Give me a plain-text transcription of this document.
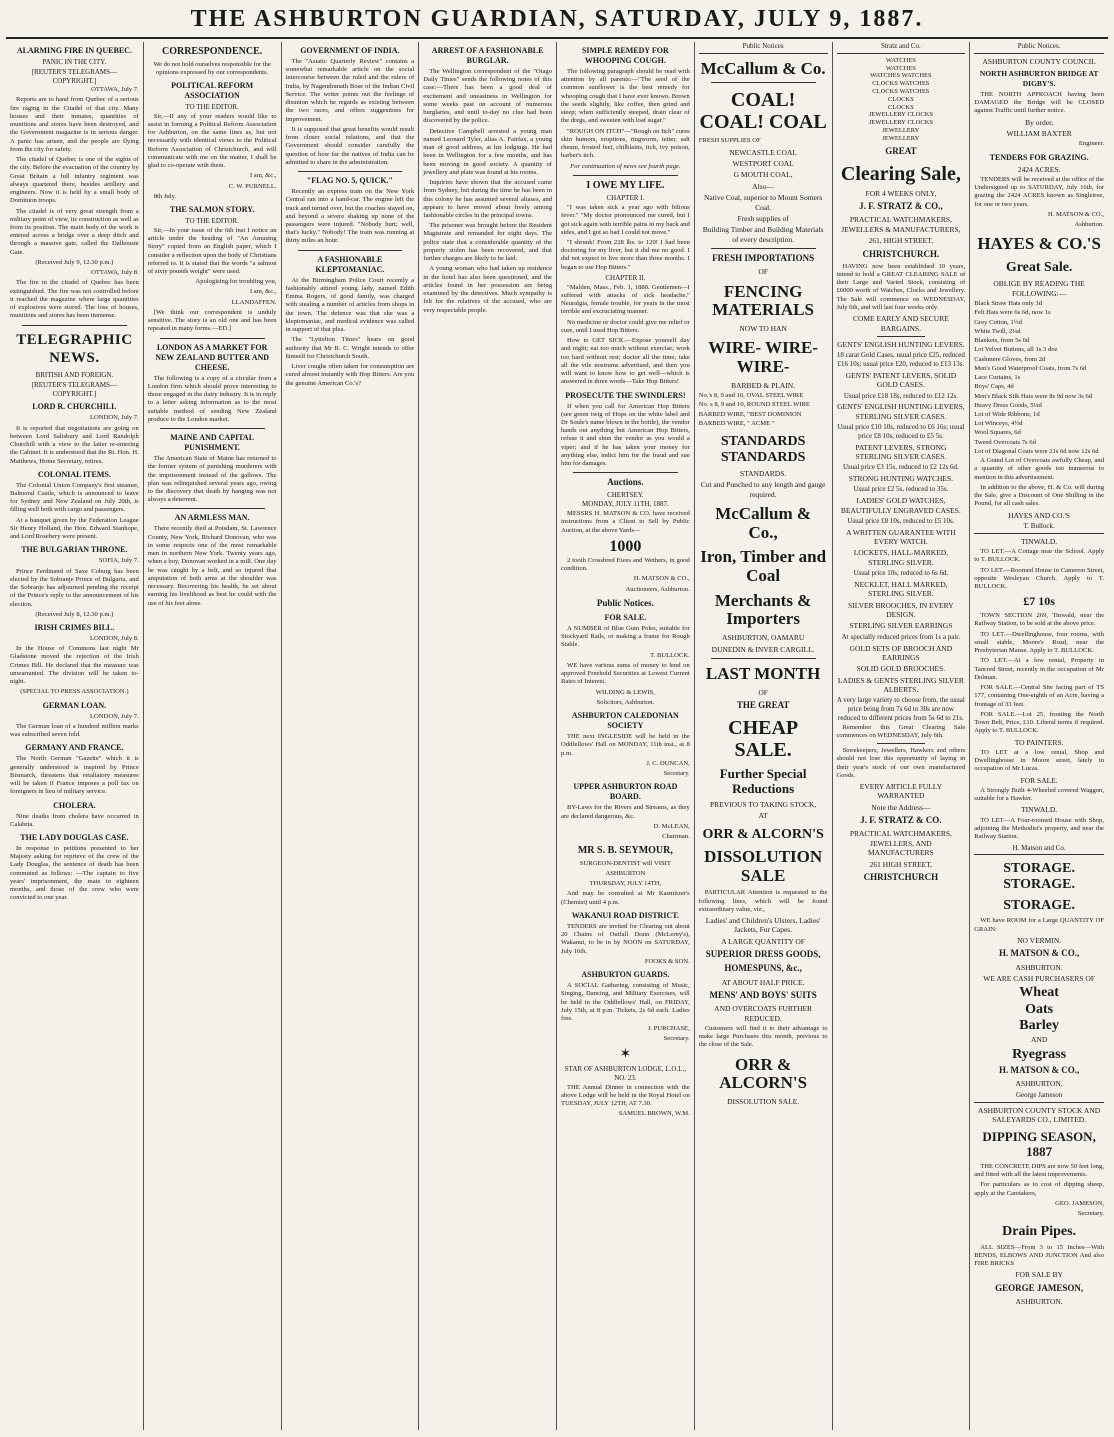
THE ASHBURTON GUARDIAN, SATURDAY, JULY 9, 1887.
ALARMING FIRE IN QUEBEC.
PANIC IN THE CITY.
[REUTER'S TELEGRAMS—COPYRIGHT.]

OTTAWA, July 7.

Reports are to hand from Quebec of a serious fire raging in the Citadel of that city. Many houses and their inmates, quantities of munitions and stores have been destroyed, and the Government magazine is in serious danger. A panic has arisen, and the people are flying from the city for safety.

The citadel of Quebec is one of the sights of the city. Before the evacuation of the country by Great Britain a full infantry regiment was always quartered there, besides artillery and engineers. Now it is held by a small body of Dominion troops.

The citadel is of very great strength from a military point of view, its construction as well as from its position. The main body of the work is entered across a bridge over a deep ditch and through a massive gate, called the Dalhousie Gate.

(Received July 9, 12.30 p.m.)

OTTAWA, July 8.

The fire in the citadel of Quebec has been extinguished. The fire was not controlled before it reached the magazine where large quantities of explosives were stored. The loss of houses, munitions and stores has been immense.

TELEGRAPHIC NEWS.
BRITISH AND FOREIGN.
[REUTER'S TELEGRAMS—COPYRIGHT.]
LORD R. CHURCHILL

LONDON, July 7.

It is reported that negotiations are going on between Lord Salisbury and Lord Randolph Churchill with a view to the latter re-entering the Cabinet. It is understood that the Rt. Hon. H. Matthews, Home Secretary, retires.

COLONIAL ITEMS.

The Colonial Union Company's first steamer, Balmoral Castle, which is announced to leave for Sydney and New Zealand on July 20th, is filling well both with cargo and passengers.

At a banquet given by the Federation League Sir Henry Holland, the Hon. Edward Stanhope, and Lord Rosebery were present.

THE BULGARIAN THRONE.

SOFIA, July 7.

Prince Ferdinand of Saxe Coburg has been elected by the Sobranje Prince of Bulgaria, and the Sobranje has adjourned pending the receipt of the Prince's reply to the announcement of his election.

(Received July 8, 12.30 p.m.)

IRISH CRIMES BILL.

LONDON, July 8.

In the House of Commons last night Mr Gladstone moved the rejection of the Irish Crimes Bill. He declared that the measure was unwarranted. The division will be taken to-night.

(SPECIAL TO PRESS ASSOCIATION.)

GERMAN LOAN.

LONDON, July 7.

The German loan of a hundred million marks was subscribed seven fold.

GERMANY AND FRANCE.

The North German "Gazette" which it is generally understood is inspired by Prince Bismarck, threatens that retaliatory measures will be taken if France imposes a poll tax on foreigners in lieu of military service.

CHOLERA.

Nine deaths from cholera have occurred in Calabria.

THE LADY DOUGLAS CASE.

In response to petitions presented to her Majesty asking for reprieve of the crew of the Lady Douglas, the sentence of death has been commuted as follows: —The captain to five years' imprisonment, the mate to eighteen months, and those of the crew who were convicted to one year.

CORRESPONDENCE.

We do not hold ourselves responsible for the opinions expressed by our correspondents.

POLITICAL REFORM ASSOCIATION
TO THE EDITOR.

Sir,—If any of your readers would like to assist in forming a Political Reform Association for Ashburton, on the same lines as, but not necessarily with identical views to the Political Reform Association of Christchurch, and will communicate with me on the matter, I shall be glad to co-operate with them.

I am, &c.,

C. W. PURNELL.

8th July.

THE SALMON STORY.
TO THE EDITOR.

Sir,—In your issue of the 6th inst I notice an article under the heading of "An Amusing Story" copied from an English paper, which I consider a reflection upon the body of Christians referred to. It is stated that the words "a salmon of sixty pounds weight" were used.

Apologising for troubling you,

I am, &c.,

LLANDAFFEN.

[We think our correspondent is unduly sensitive. The story is an old one and has been repeated in many forms.—ED.]

LONDON AS A MARKET FOR NEW ZEALAND BUTTER AND CHEESE.

The following is a copy of a circular from a London firm which should prove interesting to those engaged in the dairy industry. It is in reply to a letter asking information as to the most suitable method of sending New Zealand produce to the London market.

MAINE AND CAPITAL PUNISHMENT.

The American State of Maine has returned to the former system of punishing murderers with the imprisonment instead of the gallows. The plan was relinquished several years ago, owing to the discovery that death by hanging was not always a deterrent.

AN ARMLESS MAN.

There recently died at Potsdam, St. Lawrence County, New York, Richard Donovan, who was in some respects one of the most remarkable men in northern New York. Twenty years ago, when a boy, Donovan worked in a mill. One day he was caught by a belt, and so injured that amputation of both arms at the shoulder was necessary. Recovering his health, he set about earning his livelihood as best he could with the use of his feet alone.

GOVERNMENT OF INDIA.

The "Asiatic Quarterly Review" contains a somewhat remarkable article on the social intercourse between the ruled and the rulers of India, by Nagendranath Bose of the Indian Civil Service. The writer points out the feelings of disunion which he regards as existing between the two races, and offers suggestions for improvement.

It is supposed that great benefits would result from closer social relations, and that the Government should consider carefully the question of how far the natives of India can be admitted to share in the administration.

"FLAG NO. 5, QUICK."

Recently an express train on the New York Central ran into a hand-car. The engine left the track and turned over, but the coaches stayed on, and beyond a severe shaking up none of the passengers were injured. "Nobody hurt; well, that's lucky." Nobody! The train was running at thirty miles an hour.

A FASHIONABLE KLEPTOMANIAC.

At the Birmingham Police Court recently a fashionably attired young lady, named Edith Emma Rogers, of good family, was charged with stealing a number of articles from shops in the town. The defence was that she was a kleptomaniac, and medical evidence was called in support of that plea.

The "Lyttelton Times" hears on good authority that Mr R. C. Wright intends to offer himself for Christchurch South.

Liver coughs often taken for consumption are cured almost instantly with Hop Bitters. Are you the genuine American Co.'s?

ARREST OF A FASHIONABLE BURGLAR.

The Wellington correspondent of the "Otago Daily Times" sends the following notes of this case:—There has been a good deal of excitement and uneasiness in Wellington for some weeks past on account of numerous burglaries, and until to-day no clue had been discovered by the police.

Detective Campbell arrested a young man named Leonard Tyler, alias A. Fairfax, a young man of good address, at his lodgings. He had been in Wellington for a few months, and has been moving in good society. A quantity of jewellery and plate was found at his rooms.

Inquiries have shown that the accused came from Sydney, but during the time he has been in this colony he has assumed several aliases, and appears to have moved about freely among fashionable circles in the principal towns.

The prisoner was brought before the Resident Magistrate and remanded for eight days. The police state that a considerable quantity of the property stolen has been recovered, and that further charges are likely to be laid.

A young woman who had taken up residence in the hotel has also been questioned, and the articles found in her possession are being examined by the detectives. Much sympathy is felt for the relatives of the accused, who are very respectable people.

SIMPLE REMEDY FOR WHOOPING COUGH.

The following paragraph should be read with attention by all parents:—"The seed of the common sunflower is the best remedy for whooping cough that I have ever known. Brown the seeds slightly, like coffee, then grind and steep; when sufficiently steeped, drain clear of the dregs, and sweeten with loaf sugar."

"ROUGH ON ITCH"—"Rough on Itch" cures skin humors, eruptions, ringworm, tetter, salt rheum, frosted feet, chilblains, itch, ivy poison, barber's itch.

For continuation of news see fourth page.

I OWE MY LIFE.
CHAPTER I.

"I was taken sick a year ago with bilious fever." "My doctor pronounced me cured, but I got sick again with terrible pains in my back and sides, and I got so bad I could not move."

"I shrunk! From 228 lbs. to 120! I had been doctoring for my liver, but it did me no good. I did not expect to live more than three months. I began to use Hop Bitters."

CHAPTER II.

"Malden, Mass., Feb. 1, 1880. Gentlemen—I suffered with attacks of sick headache." Neuralgia, female trouble, for years in the most terrible and excruciating manner.

No medicine or doctor could give me relief or cure, until I used Hop Bitters.

How to GET SICK.—Expose yourself day and night; eat too much without exercise; work too hard without rest; doctor all the time; take all the vile nostrums advertised, and then you will want to know how to get well—which is answered in three words—Take Hop Bitters!

PROSECUTE THE SWINDLERS!

If when you call for American Hop Bitters (see green twig of Hops on the white label and Dr Soule's name blown in the bottle), the vendor hands out anything but American Hop Bitters, refuse it and shun the vendor as you would a viper; and if he has taken your money for anything else, indict him for the fraud and sue him for damages.

Auctions.
CHERTSEY.
MONDAY, JULY 11TH, 1887.

MESSRS H. MATSON & CO. have received instructions from a Client to Sell by Public Auction, at the above Yards—

1000

2 tooth Crossbred Ewes and Wethers, in good condition.

H. MATSON & CO.,

Auctioneers, Ashburton.

Public Notices.
FOR SALE.

A NUMBER of Blue Gum Poles, suitable for Stockyard Rails, or making a frame for Rough Stable.

T. BULLOCK.

WE have various sums of money to lend on approved Freehold Securities at Lowest Current Rates of Interest.

WILDING & LEWIS,

Solicitors, Ashburton.

ASHBURTON CALEDONIAN SOCIETY

THE next INGLESIDE will be held in the Oddfellows' Hall on MONDAY, 11th inst., at 8 p.m.

J. C. DUNCAN,

Secretary.

UPPER ASHBURTON ROAD BOARD.

BY-Laws for the Rivers and Streams, as they are declared dangerous, &c.

D. McLEAN,

Chairman.

MR S. B. SEYMOUR,

SURGEON-DENTIST will VISIT

ASHBURTON

THURSDAY, JULY 14TH,

And may be consulted at Mr Kasmitzer's (Chemist) until 4 p.m.

WAKANUI ROAD DISTRICT.

TENDERS are invited for Clearing out about 20 Chains of Outfall Drain (McLerny's), Wakanui, to be in by NOON on SATURDAY, July 16th.

FOOKS & SON.

ASHBURTON GUARDS.

A SOCIAL Gathering, consisting of Music, Singing, Dancing, and Military Exercises, will be held in the Oddfellows' Hall, on FRIDAY, July 15th, at 8 p.m. Tickets, 2s 6d each. Ladies free.

J. PURCHASE,

Secretary.

✶
STAR OF ASHBURTON LODGE, L.O.L., NO. 23.

THE Annual Dinner in connection with the above Lodge will be held in the Royal Hotel on TUESDAY, JULY 12TH, AT 7.30.

SAMUEL BROWN, W.M.

Public Notices
McCallum & Co.
COAL! COAL! COAL

FRESH SUPPLIES OF

NEWCASTLE COAL

WESTPORT COAL

G MOUTH COAL,

Also—

Native Coal, superior to Mount Somers Coal.

Fresh supplies of

Building Timber and Building Materials of every description.

FRESH IMPORTATIONS

OF

FENCING MATERIALS

NOW TO HAN

WIRE- WIRE- WIRE-

BARBED & PLAIN.

No.'s 8, 9 and 10, OVAL STEEL WIRE

No. s 8, 9 and 10, ROUND STEEL WIRE

BARBED WIRE, "BEST DOMINION

BARBED WIRE, " ACME "

STANDARDS STANDARDS

STANDARDS.

Cut and Punched to any length and gauge required.

McCallum & Co.,
Iron, Timber and Coal
Merchants & Importers

ASHBURTON, OAMARU

DUNEDIN & INVER CARGILL.

LAST MONTH

OF

THE GREAT

CHEAP SALE.
Further Special Reductions

PREVIOUS TO TAKING STOCK,

AT

ORR & ALCORN'S
DISSOLUTION SALE

PARTICULAR Attention is requested to the following lines, which will be found extraordinary value, viz.,

Ladies' and Children's Ulsters, Ladies' Jackets, Fur Capes.

A LARGE QUANTITY OF

SUPERIOR DRESS GOODS,

HOMESPUNS, &c.,

AT ABOUT HALF PRICE.

MENS' AND BOYS' SUITS

AND OVERCOATS FURTHER REDUCED.

Customers will find it to their advantage to make large Purchases this month, previous to the close of the Sale.

ORR & ALCORN'S

DISSOLUTION SALE.

Stratz and Co.

WATCHES

WATCHES

WATCHES WATCHES

CLOCKS WATCHES

CLOCKS WATCHES

CLOCKS

CLOCKS

JEWELLERY CLOCKS

JEWELLERY CLOCKS

JEWELLERY

JEWELLERY

GREAT

Clearing Sale,

FOR 4 WEEKS ONLY,

J. F. STRATZ & CO.,

PRACTICAL WATCHMAKERS, JEWELLERS & MANUFACTURERS,

261, HIGH STREET,

CHRISTCHURCH.

HAVING now been established 10 years, intend to hold a GREAT CLEARING SALE of their Large and Varied Stock, consisting of £6000 worth of Watches, Clocks and Jewellery. The Sale will commence on WEDNESDAY, July 6th, and will last four weeks only.

COME EARLY AND SECURE BARGAINS.

GENTS' ENGLISH HUNTING LEVERS.

18 carat Gold Cases, usual price £25, reduced £16 10s; usual price £20, reduced to £13 13s.

GENTS' PATENT LEVERS, SOLID GOLD CASES.

Usual price £18 18s, reduced to £12 12s.

GENTS' ENGLISH HUNTING LEVERS, STERLING SILVER CASES.

Usual price £10 10s, reduced to £6 16s; usual price £8 10s, reduced to £5 5s.

PATENT LEVERS, STRONG STERLING SILVER CASES.

Usual price £3 15s, reduced to £2 12s 6d.

STRONG HUNTING WATCHES.

Usual price £2 5s, reduced to 35s.

LADIES' GOLD WATCHES, BEAUTIFULLY ENGRAVED CASES.

Usual price £8 10s, reduced to £5 10s.

A WRITTEN GUARANTEE WITH EVERY WATCH.

LOCKETS, HALL-MARKED, STERLING SILVER.

Usual price 10s, reduced to 6s 6d.

NECKLET, HALL MARKED, STERLING SILVER.

SILVER BROOCHES, IN EVERY DESIGN.

STERLING SILVER EARRINGS

At specially reduced prices from 1s a pair.

GOLD SETS OF BROOCH AND EARRINGS

SOLID GOLD BROOCHES.

LADIES & GENTS STERLING SILVER ALBERTS.

A very large variety to choose from, the usual price being from 7s 6d to 30s are now reduced to different prices from 5s 6d to 21s.

Remember this Great Clearing Sale commences on WEDNESDAY, July 6th.

Storekeepers, Jewellers, Hawkers and others should not lose this opportunity of laying in their year's stock of our own manufactured Goods.

EVERY ARTICLE FULLY WARRANTED

Note the Address—

J. F. STRATZ & CO.

PRACTICAL WATCHMAKERS, JEWELLERS, AND MANUFACTURERS

261 HIGH STREET,

CHRISTCHURCH

Public Notices.

ASHBURTON COUNTY COUNCIL

NORTH ASHBURTON BRIDGE AT DIGBY'S.

THE NORTH APPROACH having been DAMAGED the Bridge will be CLOSED against Traffic until further notice.

By order,

WILLIAM BAXTER

Engineer.

TENDERS FOR GRAZING.

2424 ACRES.

TENDERS will be received at the office of the Undersigned up to SATURDAY, July 16th, for grazing the 2424 ACRES known as Singletree, for one or two years.

H. MATSON & CO.,

Ashburton.

HAYES & CO.'S
Great Sale.

OBLIGE BY READING THE FOLLOWING:—

Black Straw Hats only 3d

Felt Hats were 6s 6d, now 1s

Grey Cotton, 1½d

White Twill, 2¼d

Blankets, from 5s 6d

Lot Velvet Buttons, all 1s 3 doz

Cashmere Gloves, from 2d

Men's Good Waterproof Coats, from 7s 6d

Lace Curtains, 1s

Boys' Caps, 4d

Men's Black Silk Hats were 8s 9d now 3s 6d

Heavy Dress Goods, 5¼d

Lot of Wide Ribbons, 1d

Lot Winceys, 4½d

Wool Squares, 6d

Tweed Overcoats 7s 6d

Lot of Diagonal Coats were 21s 6d now 12s 6d

A Grand Lot of Overcoats awfully Cheap, and a quantity of other goods too numerous to mention in this advertisement.

In addition to the above, H. & Co. will during the Sale, give a Discount of One Shilling in the Pound, for all cash sales.

HAYES AND CO.'S

T. Bullock.

TINWALD.

TO LET.—A Cottage near the School. Apply to T. BULLOCK.

TO LET.—Roomed House in Cameron Street, opposite Wesleyan Church. Apply to T. BULLOCK.

£7 10s

TOWN SECTION 269, Tinwald, near the Railway Station, to be sold at the above price.

TO LET.—Dwellinghouse, four rooms, with small stable, Moore's Road, near the Presbyterian Manse. Apply to T. BULLOCK.

TO LET.—At a low rental, Property in Tancred Street, recently in the occupation of Mr Dolman.

FOR SALE.—Central Site facing part of TS 177, containing One-eighth of an Acre, having a frontage of 33 feet.

FOR SALE.—Lot 25, fronting the North Town Belt, Price, £10. Liberal terms if required. Apply to T. BULLOCK.

TO PAINTERS.

TO LET at a low rental, Shop and Dwellinghouse in Moore street, lately in occupation of Mr Lucas.

FOR SALE.

A Strongly Built 4-Wheeled covered Waggon, suitable for a Hawker.

TINWALD.

TO LET—A Four-roomed House with Shop, adjoining the Methodist's property, and near the Railway Station.

H. Matson and Co.
STORAGE. STORAGE.
STORAGE.

WE have ROOM for a Large QUANTITY OF GRAIN:

NO VERMIN.

H. MATSON & CO.,

ASHBURTON.

WE ARE CASH PURCHASERS OF

Wheat
Oats
Barley

AND

Ryegrass

H. MATSON & CO.,

ASHBURTON.

George Jameson

ASHBURTON COUNTY STOCK AND SALEYARDS CO., LIMITED.

DIPPING SEASON, 1887

THE CONCRETE DIPS are now 50 feet long, and fitted with all the latest improvements.

For particulars as to cost of dipping sheep, apply at the Caretakers,

GEO. JAMESON,

Secretary.

Drain Pipes.

ALL SIZES—From 3 to 15 Inches—With BENDS, ELBOWS AND JUNCTION And also FIRE BRICKS

FOR SALE BY

GEORGE JAMESON,

ASHBURTON.
